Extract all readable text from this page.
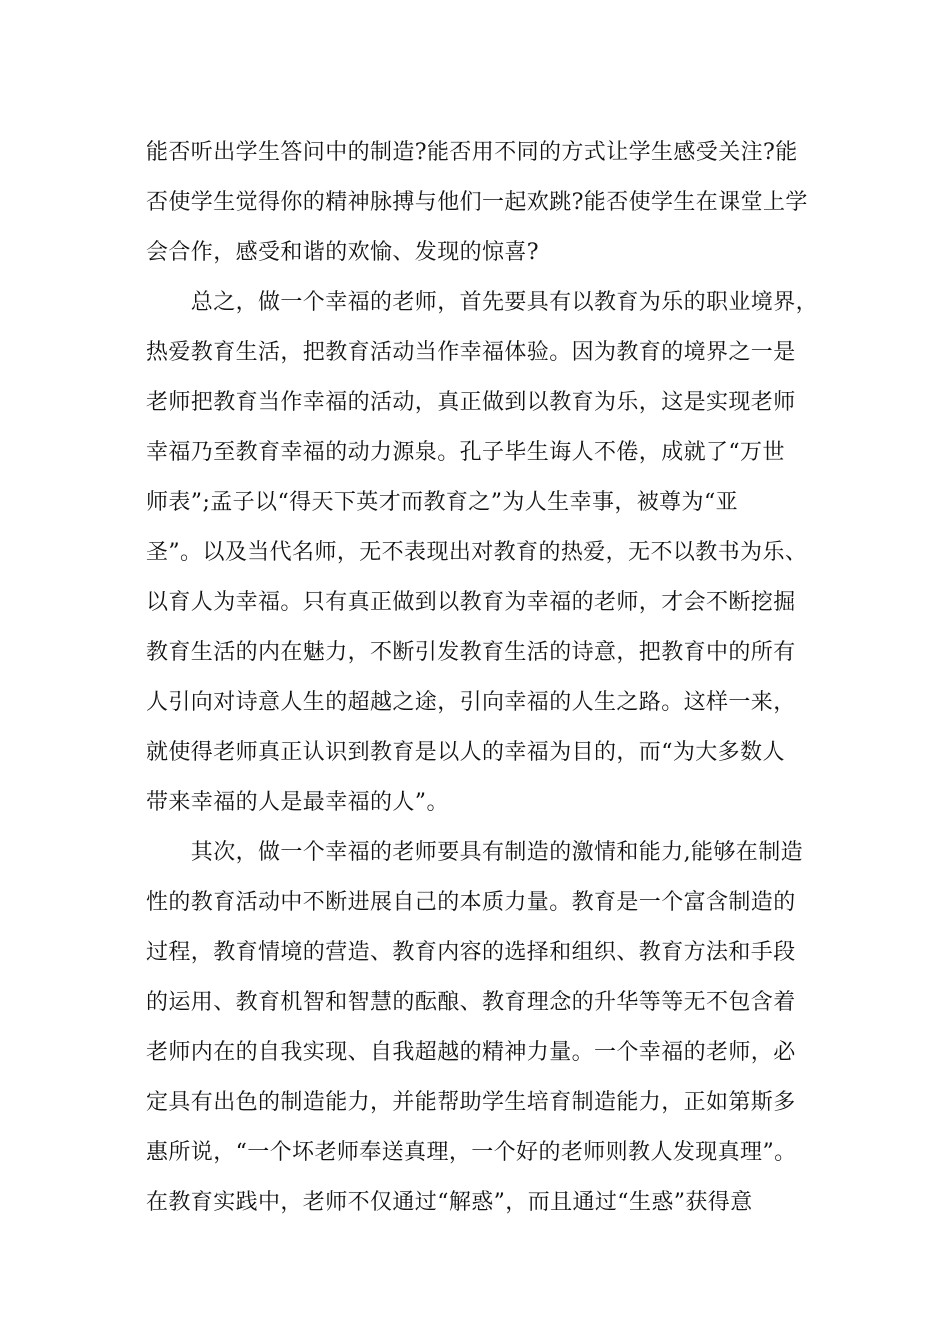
能否听出学生答问中的制造?能否用不同的方式让学生感受关注?能
否使学生觉得你的精神脉搏与他们一起欢跳?能否使学生在课堂上学
会合作，感受和谐的欢愉、发现的惊喜?
　　总之，做一个幸福的老师，首先要具有以教育为乐的职业境界，
热爱教育生活，把教育活动当作幸福体验。因为教育的境界之一是
老师把教育当作幸福的活动，真正做到以教育为乐，这是实现老师
幸福乃至教育幸福的动力源泉。孔子毕生诲人不倦，成就了“万世
师表”;孟子以“得天下英才而教育之”为人生幸事，被尊为“亚
圣”。以及当代名师，无不表现出对教育的热爱，无不以教书为乐、
以育人为幸福。只有真正做到以教育为幸福的老师，才会不断挖掘
教育生活的内在魅力，不断引发教育生活的诗意，把教育中的所有
人引向对诗意人生的超越之途，引向幸福的人生之路。这样一来，
就使得老师真正认识到教育是以人的幸福为目的，而“为大多数人
带来幸福的人是最幸福的人”。
　　其次，做一个幸福的老师要具有制造的激情和能力,能够在制造
性的教育活动中不断进展自己的本质力量。教育是一个富含制造的
过程，教育情境的营造、教育内容的选择和组织、教育方法和手段
的运用、教育机智和智慧的酝酿、教育理念的升华等等无不包含着
老师内在的自我实现、自我超越的精神力量。一个幸福的老师，必
定具有出色的制造能力，并能帮助学生培育制造能力，正如第斯多
惠所说，“一个坏老师奉送真理，一个好的老师则教人发现真理”。
在教育实践中，老师不仅通过“解惑”，而且通过“生惑”获得意
